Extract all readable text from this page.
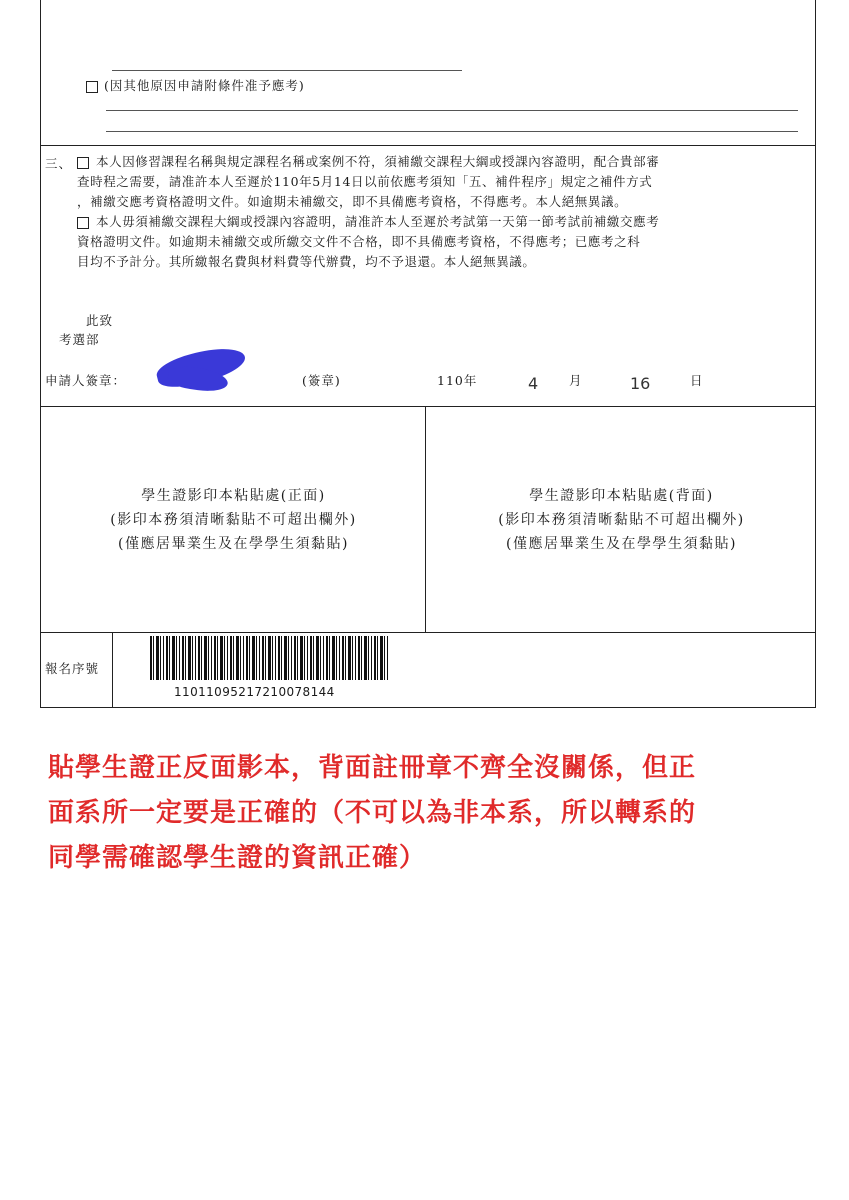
(因其他原因申請附條件准予應考)
三、 本人因修習課程名稱與規定課程名稱或案例不符，須補繳交課程大綱或授課內容證明，配合貴部審
查時程之需要，請准許本人至遲於110年5月14日以前依應考須知「五、補件程序」規定之補件方式
，補繳交應考資格證明文件。如逾期未補繳交，即不具備應考資格，不得應考。本人絕無異議。
本人毋須補繳交課程大綱或授課內容證明，請准許本人至遲於考試第一天第一節考試前補繳交應考
資格證明文件。如逾期未補繳交或所繳交文件不合格，即不具備應考資格，不得應考；已應考之科
目均不予計分。其所繳報名費與材料費等代辦費，均不予退還。本人絕無異議。
此致
考選部
申請人簽章：	(簽章)	110年	4 月	16	日
學生證影印本粘貼處(正面)
(影印本務須清晰黏貼不可超出欄外)
(僅應居畢業生及在學學生須黏貼)
學生證影印本粘貼處(背面)
(影印本務須清晰黏貼不可超出欄外)
(僅應居畢業生及在學學生須黏貼)
報名序號
11011095217210078144
貼學生證正反面影本，背面註冊章不齊全沒關係，但正
面系所一定要是正確的（不可以為非本系，所以轉系的
同學需確認學生證的資訊正確）
